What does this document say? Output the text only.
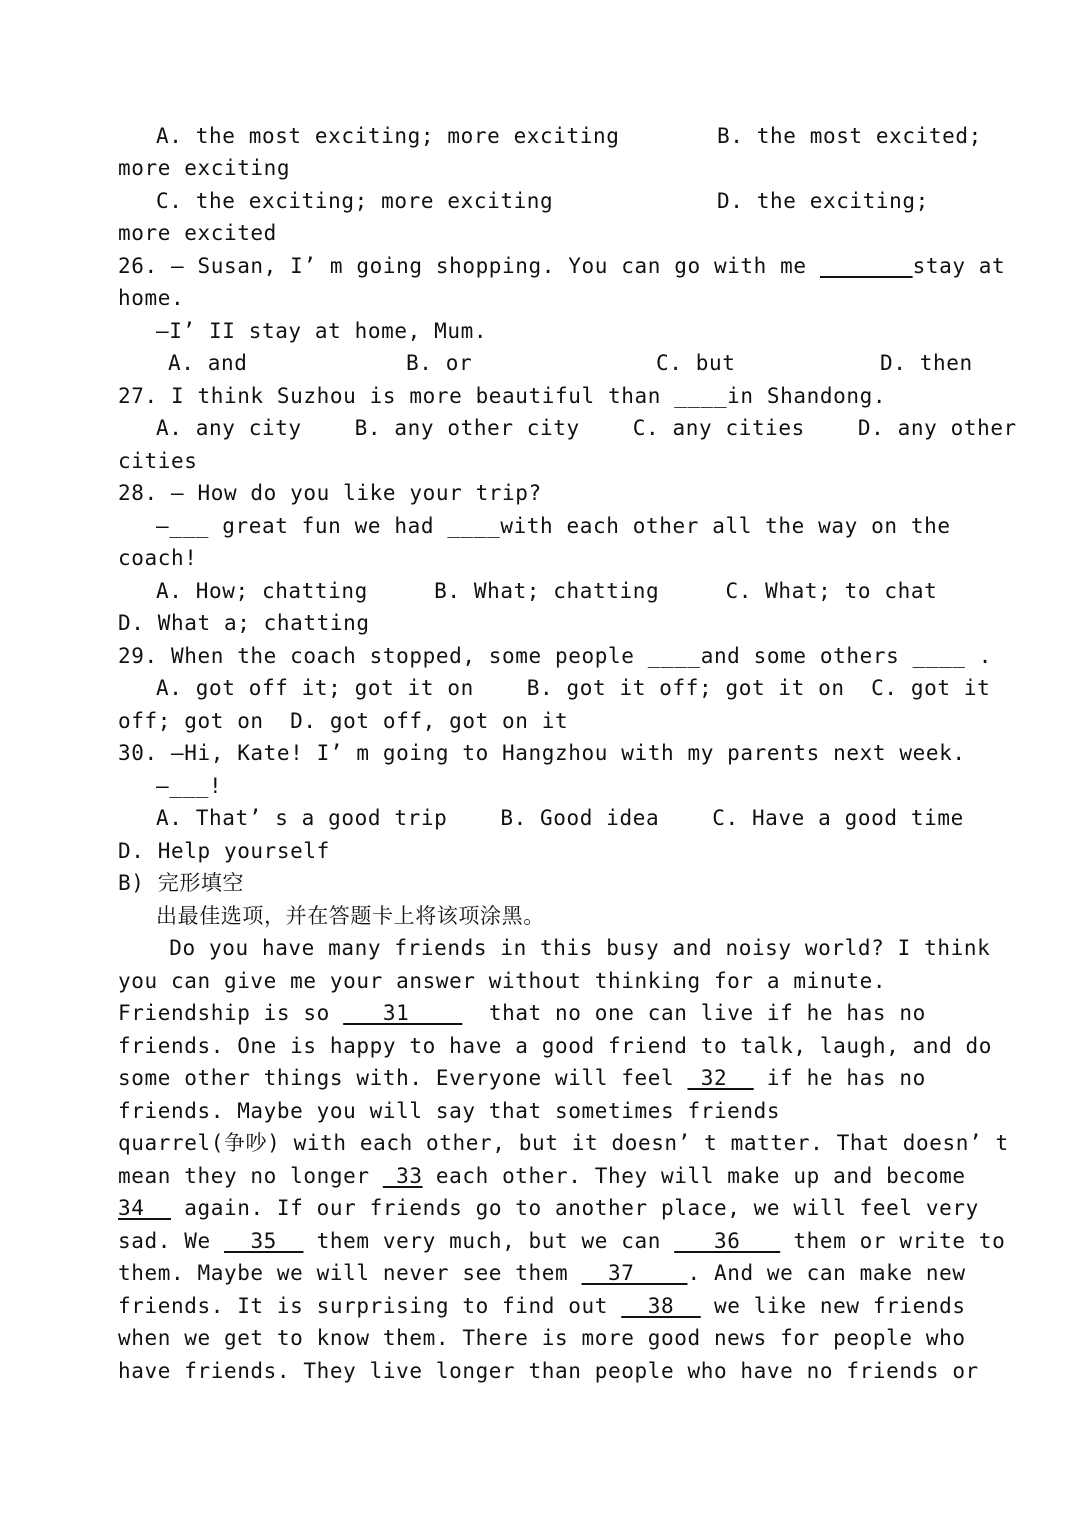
A. the most exciting; more exciting	B. the most excited;
more exciting
C. the exciting; more exciting	D. the exciting;
more excited
26. — Susan, I’ m going shopping. You can go with me	stay at
home.
—I’ II stay at home, Mum.
A. and	B. or	C. but	D. then
27. I think Suzhou is more beautiful than ____in Shandong.
A. any city    B. any other city    C. any cities    D. any other
cities
28. — How do you like your trip?
—___ great fun we had ____with each other all the way on the
coach!
A. How; chatting     B. What; chatting     C. What; to chat
D. What a; chatting
29. When the coach stopped, some people ____and some others ____ .
A. got off it; got it on    B. got it off; got it on  C. got it
off; got on  D. got off, got on it
30. —Hi, Kate! I’ m going to Hangzhou with my parents next week.
—___!
A. That’ s a good trip    B. Good idea    C. Have a good time
D. Help yourself
B) 完形填空
出最佳选项，并在答题卡上将该项涂黑。
Do you have many friends in this busy and noisy world? I think
you can give me your answer without thinking for a minute.
Friendship is so    31      that no one can live if he has no
friends. One is happy to have a good friend to talk, laugh, and do
some other things with. Everyone will feel  32   if he has no
friends. Maybe you will say that sometimes friends
quarrel(争吵) with each other, but it doesn’ t matter. That doesn’ t
mean they no longer  33 each other. They will make up and become
34   again. If our friends go to another place, we will feel very
sad. We   35   them very much, but we can    36    them or write to
them. Maybe we will never see them   37    . And we can make new
friends. It is surprising to find out   38   we like new friends
when we get to know them. There is more good news for people who
have friends. They live longer than people who have no friends or
